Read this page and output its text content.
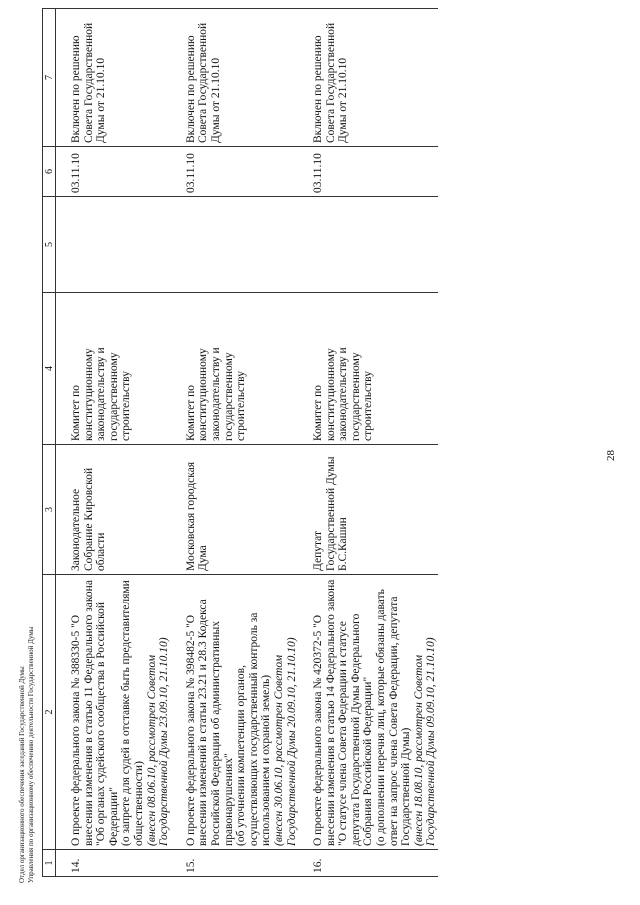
28
1	2	3	4	5	6	7

14.	О проекте федерального закона № 388330-5 "О внесении изменения в статью 11 Федерального закона "Об органах судейского сообщества в Российской Федерации" (о запрете для судей в отставке быть представителями общественности) (внесен 08.06.10, рассмотрен Советом Государственной Думы 23.09.10, 21.10.10)	Законодательное Собрание Кировской области	Комитет по конституционному законодательству и государственному строительству		03.11.10	Включен по решению Совета Государственной Думы от 21.10.10

15.	О проекте федерального закона № 398482-5 "О внесении изменений в статьи 23.21 и 28.3 Кодекса Российской Федерации об административных правонарушениях" (об уточнении компетенции органов, осуществляющих государственный контроль за использованием и охраной земель) (внесен 30.06.10, рассмотрен Советом Государственной Думы 20.09.10, 21.10.10)	Московская городская Дума	Комитет по конституционному законодательству и государственному строительству		03.11.10	Включен по решению Совета Государственной Думы от 21.10.10

16.	О проекте федерального закона № 420372-5 "О внесении изменения в статью 14 Федерального закона "О статусе члена Совета Федерации и статусе депутата Государственной Думы Федерального Собрания Российской Федерации" (о дополнении перечня лиц, которые обязаны давать ответ на запрос члена Совета Федерации, депутата Государственной Думы) (внесен 18.08.10, рассмотрен Советом Государственной Думы 09.09.10, 21.10.10)	Депутат Государственной Думы Б.С.Кашин	Комитет по конституционному законодательству и государственному строительству		03.11.10	Включен по решению Совета Государственной Думы от 21.10.10
Отдел организационного обеспечения заседаний Государственной Думы Управления по организационному обеспечению деятельности Государственной Думы
